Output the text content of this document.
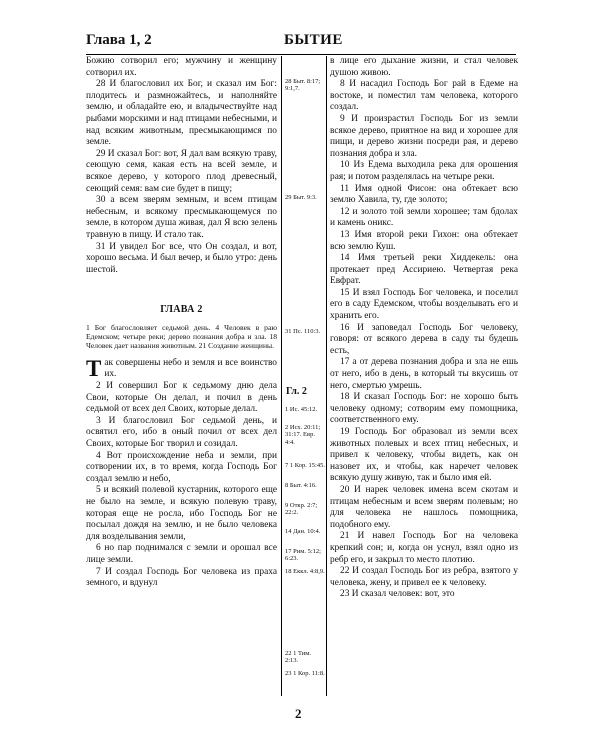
Глава 1, 2	БЫТИЕ

Божию сотворил его; мужчину и женщину сотворил их.

28 И благословил их Бог, и сказал им Бог: плодитесь и размножайтесь, и наполняйте землю, и обладайте ею, и владычествуйте над рыбами морскими и над птицами небесными, и над всяким животным, пресмыкающимся по земле.

29 И сказал Бог: вот, Я дал вам всякую траву, сеющую семя, какая есть на всей земле, и всякое дерево, у которого плод древесный, сеющий семя: вам сие будет в пищу;

30 а всем зверям земным, и всем птицам небесным, и всякому пресмыкающемуся по земле, в котором душа живая, дал Я всю зелень травную в пищу. И стало так.

31 И увидел Бог все, что Он создал, и вот, хорошо весьма. И был вечер, и было утро: день шестой.

ГЛАВА 2

1 Бог благословляет седьмой день. 4 Человек в раю Едемском; четыре реки; дерево познания добра и зла. 18 Человек дает названия животным. 21 Создание женщины.

Так совершены небо и земля и все воинство их.

2 И совершил Бог к седьмому дню дела Свои, которые Он делал, и почил в день седьмой от всех дел Своих, которые делал.

3 И благословил Бог седьмой день, и освятил его, ибо в оный почил от всех дел Своих, которые Бог творил и созидал.

4 Вот происхождение неба и земли, при сотворении их, в то время, когда Господь Бог создал землю и небо,

5 и всякий полевой кустарник, которого еще не было на земле, и всякую полевую траву, которая еще не росла, ибо Господь Бог не посылал дождя на землю, и не было человека для возделывания земли,

6 но пар поднимался с земли и орошал все лице земли.

7 И создал Господь Бог человека из праха земного, и вдунул

28 Быт. 8:17; 9:1,7.
29 Быт. 9:3.
31 Пс. 110:3.
Гл. 2
1 Ис. 45:12.
2 Исх. 20:11; 31:17. Евр. 4:4.
7 1 Кор. 15:45.
8 Быт. 4:16.
9 Откр. 2:7; 22:2.
14 Дан. 10:4.
17 Рим. 5:12; 6:23.
18 Еккл. 4:8,9.
22 1 Тим. 2:13.
23 1 Кор. 11:8.

в лице его дыхание жизни, и стал человек душою живою.

8 И насадил Господь Бог рай в Едеме на востоке, и поместил там человека, которого создал.

9 И произрастил Господь Бог из земли всякое дерево, приятное на вид и хорошее для пищи, и дерево жизни посреди рая, и дерево познания добра и зла.

10 Из Едема выходила река для орошения рая; и потом разделялась на четыре реки.

11 Имя одной Фисон: она обтекает всю землю Хавила, ту, где золото;

12 и золото той земли хорошее; там бдолах и камень оникс.

13 Имя второй реки Гихон: она обтекает всю землю Куш.

14 Имя третьей реки Хиддекель: она протекает пред Ассириею. Четвертая река Евфрат.

15 И взял Господь Бог человека, и поселил его в саду Едемском, чтобы возделывать его и хранить его.

16 И заповедал Господь Бог человеку, говоря: от всякого дерева в саду ты будешь есть,

17 а от дерева познания добра и зла не ешь от него, ибо в день, в который ты вкусишь от него, смертью умрешь.

18 И сказал Господь Бог: не хорошо быть человеку одному; сотворим ему помощника, соответственного ему.

19 Господь Бог образовал из земли всех животных полевых и всех птиц небесных, и привел к человеку, чтобы видеть, как он назовет их, и чтобы, как наречет человек всякую душу живую, так и было имя ей.

20 И нарек человек имена всем скотам и птицам небесным и всем зверям полевым; но для человека не нашлось помощника, подобного ему.

21 И навел Господь Бог на человека крепкий сон; и, когда он уснул, взял одно из ребр его, и закрыл то место плотию.

22 И создал Господь Бог из ребра, взятого у человека, жену, и привел ее к человеку.

23 И сказал человек: вот, это

2
